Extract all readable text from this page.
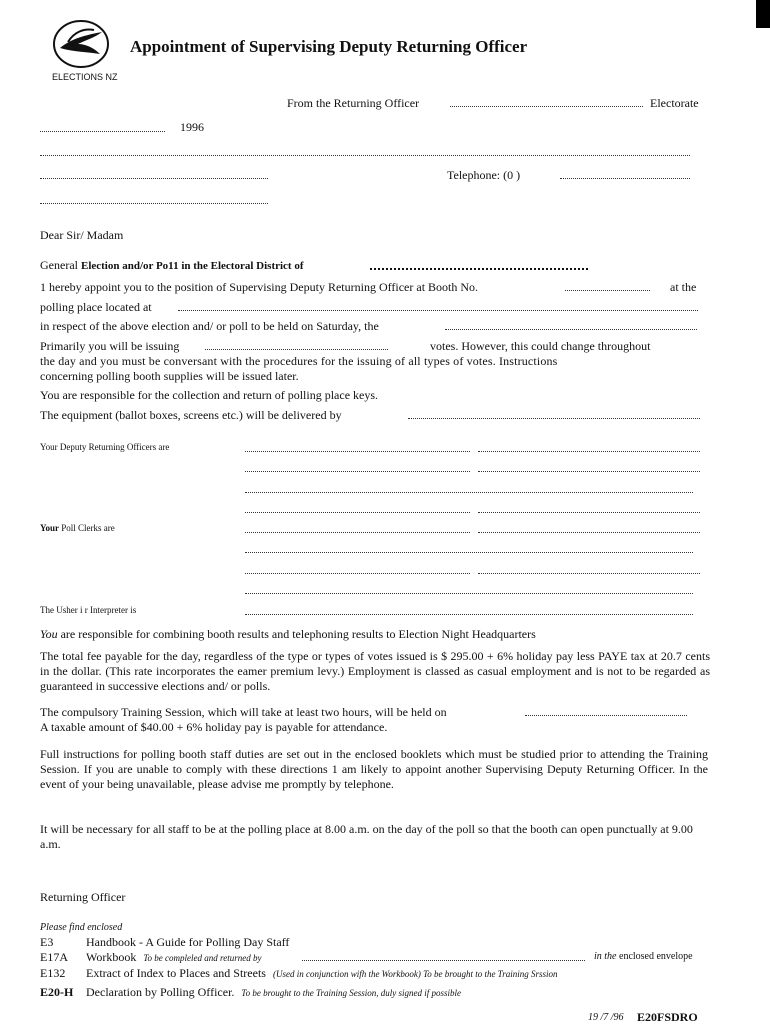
ELECTIONS NZ
Appointment of Supervising Deputy Returning Officer
From the Returning Officer	Electorate
1996
Telephone: (0 )
Dear Sir/ Madam
General Election and/or Po11 in the Electoral District of
1 hereby appoint you to the position of Supervising Deputy Returning Officer at Booth No.	at the
polling place located at
in respect of the above election and/ or poll to be held on Saturday, the
Primarily you will be issuing	votes. However, this could change throughout
the day and you must be conversant with the procedures for the issuing of all types of votes. Instructions
concerning polling booth supplies will be issued later.
You are responsible for the collection and return of polling place keys.
The equipment (ballot boxes, screens etc.) will be delivered by
Your Deputy Returning Officers are
Your Poll Clerks are
The Usher i r Interpreter is
You are responsible for combining booth results and telephoning results to Election Night Headquarters
The total fee payable for the day, regardless of the type or types of votes issued is $ 295.00 + 6% holiday pay less PAYE tax at 20.7 cents in the dollar. (This rate incorporates the eamer premium levy.) Employment is classed as casual employment and is not to be regarded as guaranteed in successive elections and/ or polls.
The compulsory Training Session, which will take at least two hours, will be held on
A taxable amount of $40.00 + 6% holiday pay is payable for attendance.
Full instructions for polling booth staff duties are set out in the enclosed booklets which must be studied prior to attending the Training Session. If you are unable to comply with these directions 1 am likely to appoint another Supervising Deputy Returning Officer. In the event of your being unavailable, please advise me promptly by telephone.
It will be necessary for all staff to be at the polling place at 8.00 a.m. on the day of the poll so that the booth can open punctually at 9.00 a.m.
Returning Officer
Please find enclosed
E3	Handbook - A Guide for Polling Day Staff
E17A Workbook To be compleled and returned by	in the enclosed envelope
E132 Extract of Index to Places and Streets (Used in conjunction wifh the Workbook) To be brought to the Training Srssion
E20-H Declaration by Polling Officer. To be brought to the Training Session, duly signed if possible
19 /7 /96 E20FSDRO
